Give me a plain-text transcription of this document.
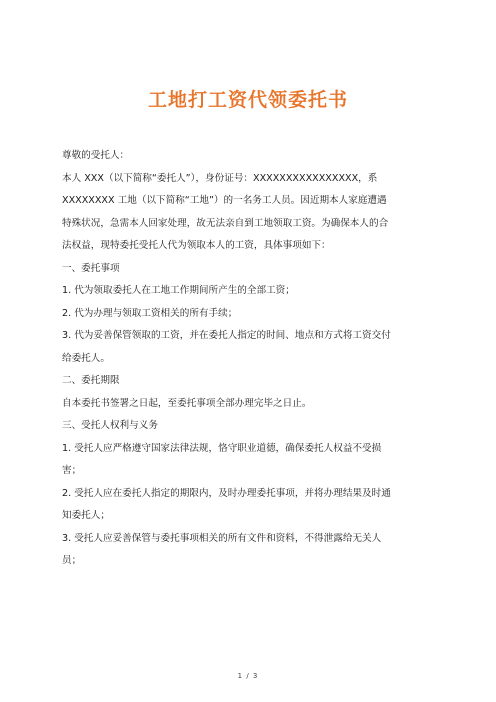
工地打工资代领委托书

尊敬的受托人：

本人 XXX（以下简称“委托人”），身份证号：XXXXXXXXXXXXXXXX，系

XXXXXXXX 工地（以下简称“工地”）的一名务工人员。因近期本人家庭遭遇

特殊状况，急需本人回家处理，故无法亲自到工地领取工资。为确保本人的合

法权益，现特委托受托人代为领取本人的工资，具体事项如下：

一、委托事项

1. 代为领取委托人在工地工作期间所产生的全部工资；

2. 代为办理与领取工资相关的所有手续；

3. 代为妥善保管领取的工资，并在委托人指定的时间、地点和方式将工资交付

给委托人。

二、委托期限

自本委托书签署之日起，至委托事项全部办理完毕之日止。

三、受托人权利与义务

1. 受托人应严格遵守国家法律法规，恪守职业道德，确保委托人权益不受损

害；

2. 受托人应在委托人指定的期限内，及时办理委托事项，并将办理结果及时通

知委托人；

3. 受托人应妥善保管与委托事项相关的所有文件和资料，不得泄露给无关人

员；

1 / 3
